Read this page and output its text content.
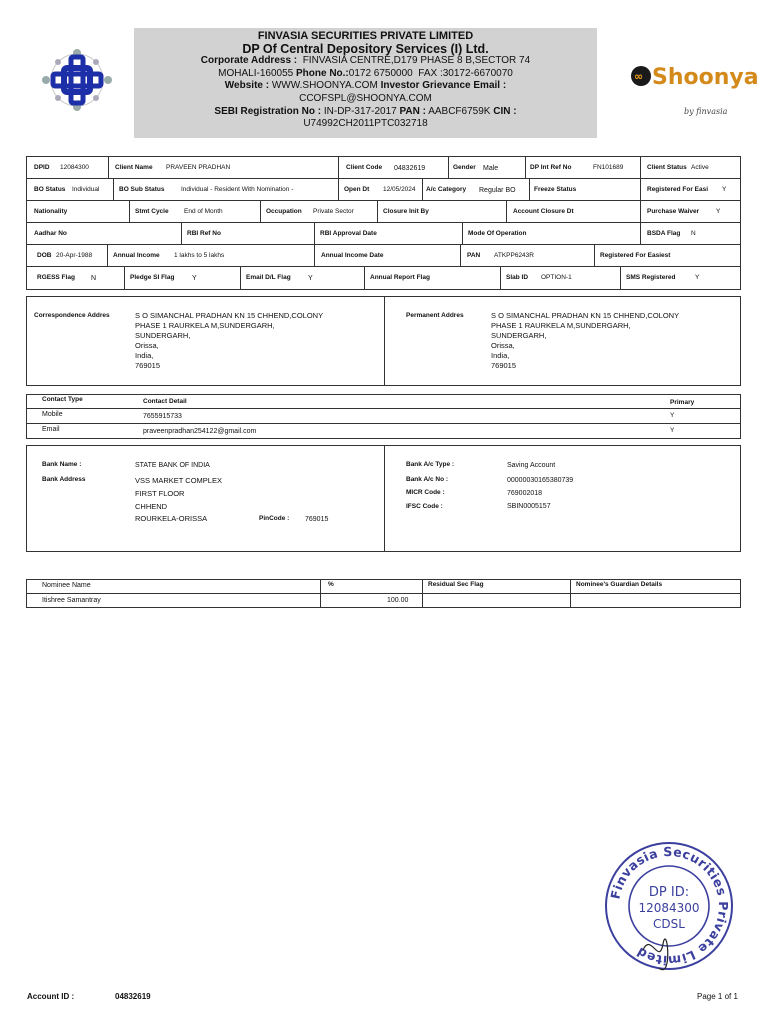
∞ Shoonya
by finvasia
FINVASIA SECURITIES PRIVATE LIMITED
DP Of Central Depository Services (I) Ltd.
Corporate Address : FINVASIA CENTRE,D179 PHASE 8 B,SECTOR 74
MOHALI-160055 Phone No.:0172 6750000 FAX :30172-6670070
Website : WWW.SHOONYA.COM Investor Grievance Email :
CCOFSPL@SHOONYA.COM
SEBI Registration No : IN-DP-317-2017 PAN : AABCF6759K CIN :
U74992CH2011PTC032718
DPID 12084300	Client Name PRAVEEN PRADHAN	Client Code 04832619	Gender Male	DP Int Ref No	FN101689	Client Status Active
BO Status Individual	BO Sub Status	Individual - Resident With Nomination -	Open Dt 12/05/2024 A/c Category Regular BO	Freeze Status	Registered For Easi Y
Nationality	Stmt Cycle End of Month	Occupation Private Sector	Closure Init By	Account Closure Dt	Purchase Waiver	Y
Aadhar No	RBI Ref No	RBI Approval Date	Mode Of Operation	BSDA Flag N
DOB 20-Apr-1988	Annual Income 1 lakhs to 5 lakhs	Annual Income Date	PAN ATKPP6243R	Registered For Easiest
RGESS Flag N	Pledge SI Flag	Y	Email D/L Flag Y	Annual Report Flag	Slab ID OPTION-1	SMS Registered	Y
Correspondence Addres	S O SIMANCHAL PRADHAN KN 15 CHHEND,COLONY
PHASE 1 RAURKELA M,SUNDERGARH,
SUNDERGARH,
Orissa,
India,
769015
Permanent Addres	S O SIMANCHAL PRADHAN KN 15 CHHEND,COLONY
PHASE 1 RAURKELA M,SUNDERGARH,
SUNDERGARH,
Orissa,
India,
769015
Contact Type	Contact Detail	Primary
Mobile	7655915733	Y
Email	praveenpradhan254122@gmail.com	Y
Bank Name :	STATE BANK OF INDIA
Bank Address	VSS MARKET COMPLEX
FIRST FLOOR
CHHEND
ROURKELA-ORISSA	PinCode : 769015
Bank A/c Type :	Saving Account
Bank A/c No :	00000030165380739
MICR Code :	769002018
IFSC Code :	SBIN0005157
Nominee Name	%	Residual Sec Flag	Nominee's Guardian Details
Itishree Samantray	100.00
Finvasia Securities Private Limited
DP ID:
12084300
CDSL
Account ID :	04832619	Page 1 of 1
